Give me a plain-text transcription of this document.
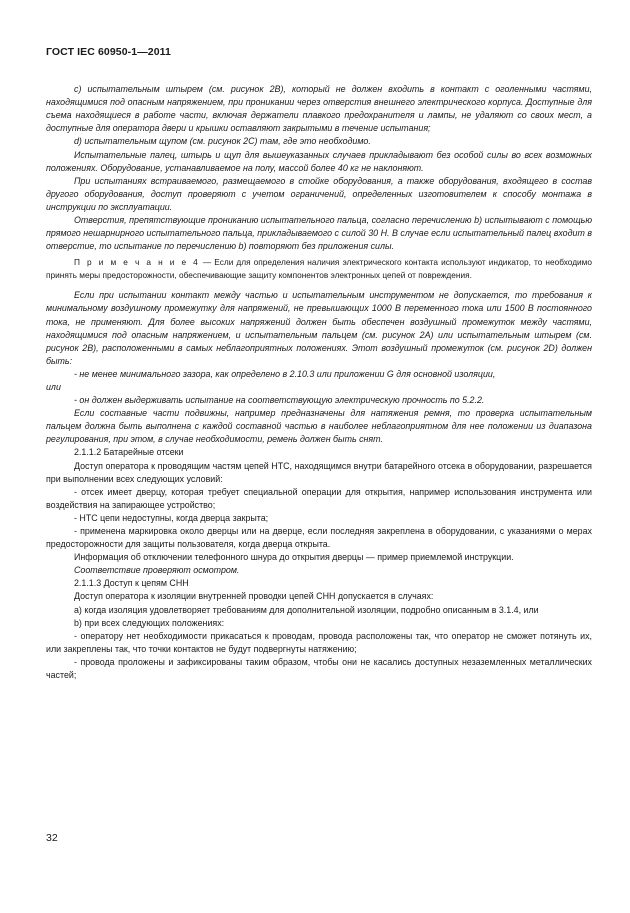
ГОСТ IEC 60950-1—2011

c) испытательным штырем (см. рисунок 2В), который не должен входить в контакт с оголенными частями, находящимися под опасным напряжением, при проникании через отверстия внешнего электрического корпуса. Доступные для съема находящиеся в работе части, включая держатели плавкого предохранителя и лампы, не удаляют со своих мест, а доступные для оператора двери и крышки оставляют закрытыми в течение испытания;

d) испытательным щупом (см. рисунок 2С) там, где это необходимо.

Испытательные палец, штырь и щуп для вышеуказанных случаев прикладывают без особой силы во всех возможных положениях. Оборудование, устанавливаемое на полу, массой более 40 кг не наклоняют.

При испытаниях встраиваемого, размещаемого в стойке оборудования, а также оборудования, входящего в состав другого оборудования, доступ проверяют с учетом ограничений, определенных изготовителем к способу монтажа в инструкции по эксплуатации.

Отверстия, препятствующие прониканию испытательного пальца, согласно перечислению b) испытывают с помощью прямого нешарнирного испытательного пальца, прикладываемого с силой 30 Н. В случае если испытательный палец входит в отверстие, то испытание по перечислению b) повторяют без приложения силы.

П р и м е ч а н и е 4 — Если для определения наличия электрического контакта используют индикатор, то необходимо принять меры предосторожности, обеспечивающие защиту компонентов электронных цепей от повреждения.

Если при испытании контакт между частью и испытательным инструментом не допускается, то требования к минимальному воздушному промежутку для напряжений, не превышающих 1000 В переменного тока или 1500 В постоянного тока, не применяют. Для более высоких напряжений должен быть обеспечен воздушный промежуток между частями, находящимися под опасным напряжением, и испытательным пальцем (см. рисунок 2А) или испытательным штырем (см. рисунок 2В), расположенными в самых неблагоприятных положениях. Этот воздушный промежуток (см. рисунок 2D) должен быть:

- не менее минимального зазора, как определено в 2.10.3 или приложении G для основной изоляции,

или

- он должен выдерживать испытание на соответствующую электрическую прочность по 5.2.2.

Если составные части подвижны, например предназначены для натяжения ремня, то проверка испытательным пальцем должна быть выполнена с каждой составной частью в наиболее неблагоприятном для нее положении из диапазона регулирования, при этом, в случае необходимости, ремень должен быть снят.

2.1.1.2 Батарейные отсеки

Доступ оператора к проводящим частям цепей НТС, находящимся внутри батарейного отсека в оборудовании, разрешается при выполнении всех следующих условий:

- отсек имеет дверцу, которая требует специальной операции для открытия, например использования инструмента или воздействия на запирающее устройство;

- НТС цепи недоступны, когда дверца закрыта;

- применена маркировка около дверцы или на дверце, если последняя закреплена в оборудовании, с указаниями о мерах предосторожности для защиты пользователя, когда дверца открыта.

Информация об отключении телефонного шнура до открытия дверцы — пример приемлемой инструкции.

Соответствие проверяют осмотром.

2.1.1.3 Доступ к цепям СНН

Доступ оператора к изоляции внутренней проводки цепей СНН допускается в случаях:

a) когда изоляция удовлетворяет требованиям для дополнительной изоляции, подробно описанным в 3.1.4, или

b) при всех следующих положениях:

- оператору нет необходимости прикасаться к проводам, провода расположены так, что оператор не сможет потянуть их, или закреплены так, что точки контактов не будут подвергнуты натяжению;

- провода проложены и зафиксированы таким образом, чтобы они не касались доступных незаземленных металлических частей;

32
